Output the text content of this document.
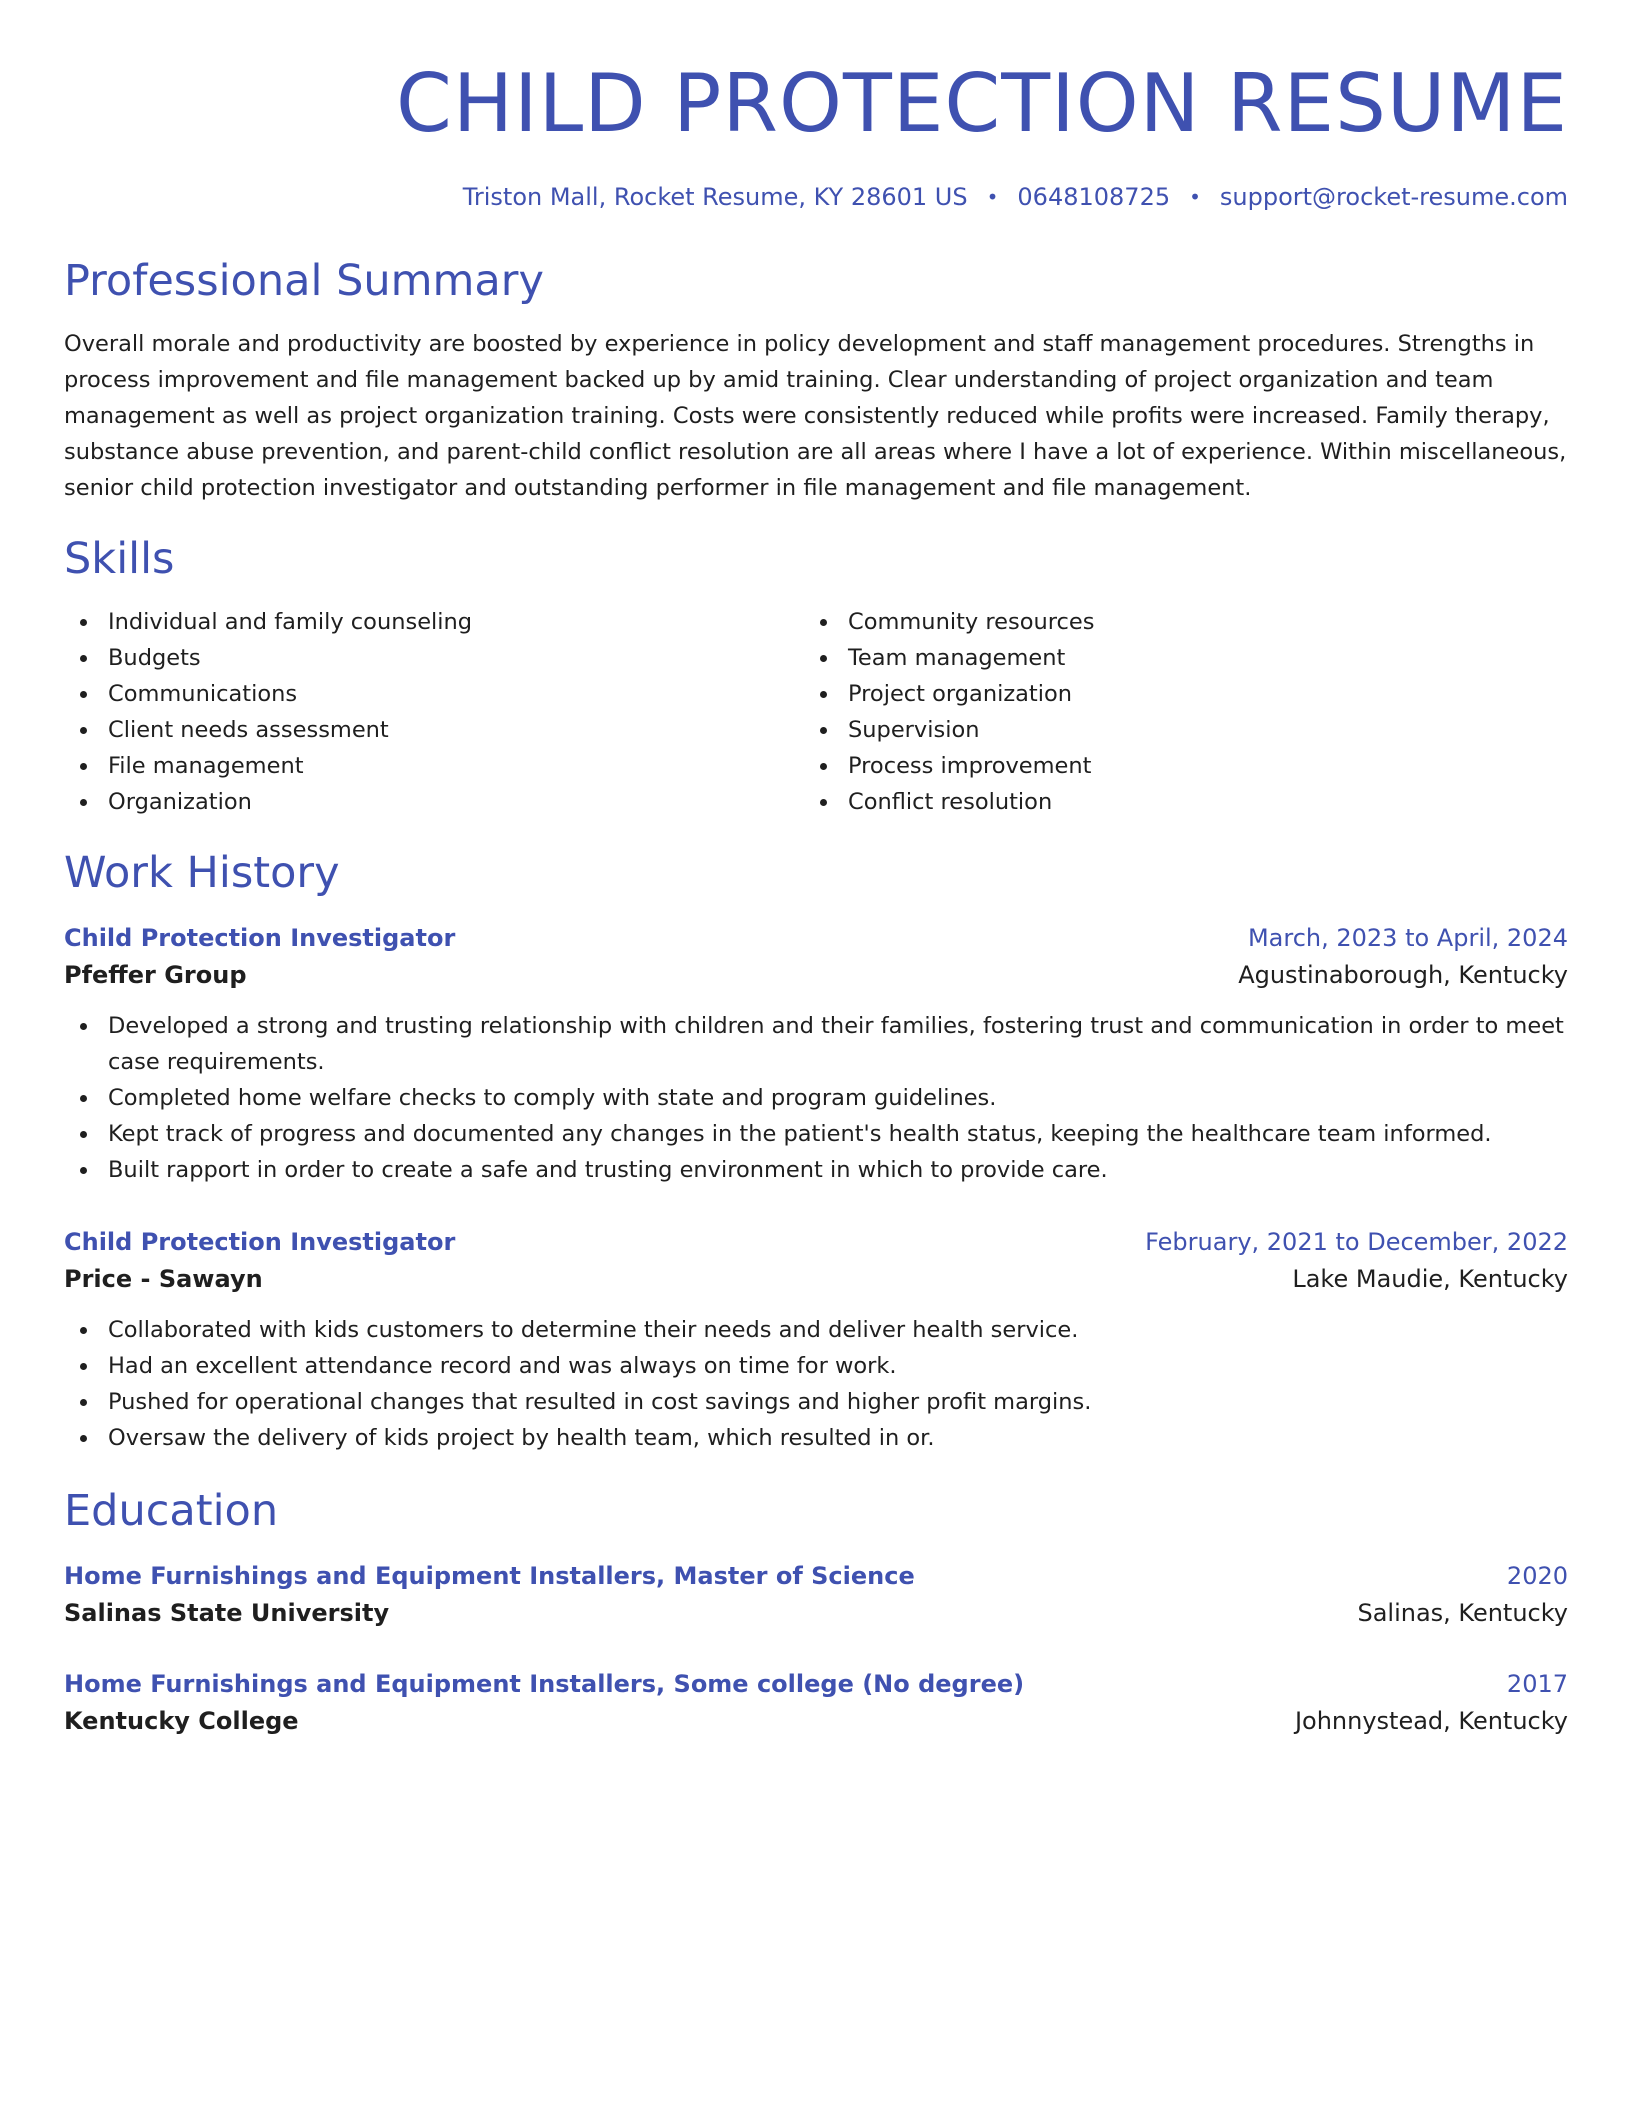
CHILD PROTECTION RESUME
Triston Mall, Rocket Resume, KY 28601 US • 0648108725 • support@rocket-resume.com
Professional Summary

Overall morale and productivity are boosted by experience in policy development and staff management procedures. Strengths in process improvement and file management backed up by amid training. Clear understanding of project organization and team management as well as project organization training. Costs were consistently reduced while profits were increased. Family therapy, substance abuse prevention, and parent-child conflict resolution are all areas where I have a lot of experience. Within miscellaneous, senior child protection investigator and outstanding performer in file management and file management.

Skills
Individual and family counseling
Budgets
Communications
Client needs assessment
File management
Organization
Community resources
Team management
Project organization
Supervision
Process improvement
Conflict resolution
Work History
Child Protection Investigator	March, 2023 to April, 2024
Pfeffer Group	Agustinaborough, Kentucky
Developed a strong and trusting relationship with children and their families, fostering trust and communication in order to meet case requirements.
Completed home welfare checks to comply with state and program guidelines.
Kept track of progress and documented any changes in the patient's health status, keeping the healthcare team informed.
Built rapport in order to create a safe and trusting environment in which to provide care.
Child Protection Investigator	February, 2021 to December, 2022
Price - Sawayn	Lake Maudie, Kentucky
Collaborated with kids customers to determine their needs and deliver health service.
Had an excellent attendance record and was always on time for work.
Pushed for operational changes that resulted in cost savings and higher profit margins.
Oversaw the delivery of kids project by health team, which resulted in or.
Education
Home Furnishings and Equipment Installers, Master of Science	2020
Salinas State University	Salinas, Kentucky
Home Furnishings and Equipment Installers, Some college (No degree)	2017
Kentucky College	Johnnystead, Kentucky
